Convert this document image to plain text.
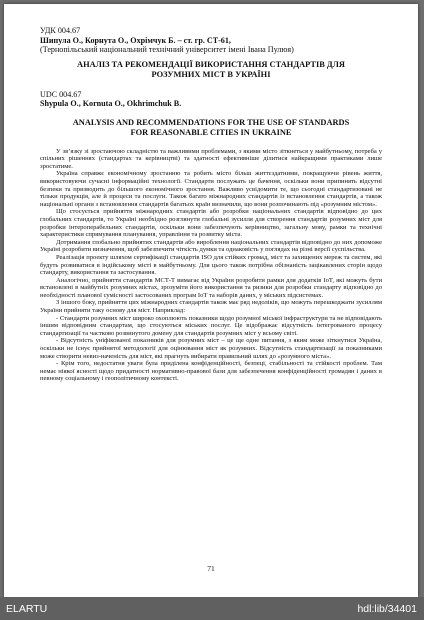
УДК 004.67

Шипула О., Корнута О., Охрімчук Б. – ст. гр. СТ-61,

(Тернопільський національний технічний університет імені Івана Пулюя)

АНАЛІЗ ТА РЕКОМЕНДАЦІЇ ВИКОРИСТАННЯ СТАНДАРТІВ ДЛЯ

РОЗУМНИХ МІСТ В УКРАЇНІ

UDC 004.67

Shypula O., Kornuta O., Okhrimchuk B.

ANALYSIS AND RECOMMENDATIONS FOR THE USE OF STANDARDS

FOR REASONABLE CITIES IN UKRAINE

У зв’язку зі зростаючою складністю та важливими проблемами, з якими місто зіткнеться у майбутньому, потреба у спільних рішеннях (стандартах та керівництві) та здатності ефективніше ділитися найкращими практиками лише зростатиме.

Україна справжє економічному зростанню та робить місто більш життєздатними, покращуючи рівень життя, використовуючи сучасні інформаційні технології. Стандарти послужать це бачення, оскільки вони припинять відсутні безпеки та призводить до більшого економічного зростання. Важливо усвідомити те, що сьогодні стандартизовані не тільки продукція, але й процеси та послуги. Також багато міжнародних стандартів із встановлення стандартів, а також національні органи з встановлення стандартів багатьох країн визначили, що вони розпочинають під «розумним містом».

Що стосується прийняття міжнародних стандартів або розробки національних стандартів відповідно до цих глобальних стандартів, то Україні необхідно розглянути глобальні зусилля для створення стандартів розумних міст для розробки інтероперабельних стандартів, оскільки вони забезпечують керівництво, загальну мову, рамки та технічні характеристики спрямування планування, управління та розвитку міста.

Дотримання глобально прийнятих стандартів або вироблення національних стандартів відповідно до них допоможе Україні розробити визначення, щоб забезпечити чіткість думки та однаковість у поглядах на різні версії суспільства.

Реалізація проекту шляхом сертифікації стандартів ISO для стійких громад, міст та захищених мереж та систем, які будуть розвиватися в індійському місті в майбутньому. Для цього також потрібна обізнаність зацікавлених сторін щодо стандарту, використання та застосування.

Аналогічно, прийняття стандартів МСТ-Т вимагає від України розробити рамки для додатків IoT, які можуть бути встановлені в майбутніх розумних містах, зрозуміти його використання та ризики для розробки стандарту відповідно до необхідності планової сумісності застосованих програм IoT та наборів даних, у міських підсистемах.

З іншого боку, прийняття цих міжнародних стандартів також має ряд недоліків, що можуть перешкоджати зусиллям України прийняти таку основу для міст. Наприклад:

- Стандарти розумних міст широко охоплюють показники щодо розумної міської інфраструктури та не відповідають іншим відповідним стандартам, що стосуються міських послуг. Це відображає відсутність інтегрованого процесу стандартизації та частково розвинутого домену для стандартів розумних міст у всьому світі.

- Відсутність уніфікованої показників для розумних міст – це ще одне питання, з яким може зіткнутися Україна, оскільки не існує прийнятої методології для оцінювання міст як розумних. Відсутність стандартизації за показниками може створити невиз-наченість для міст, які прагнуть вибирати правильний шлях до «розумного міста».

- Крім того, недостатня уваги була приділена конфіденційності, безпеці, стабільності та стійкості проблем. Там немає ніякої ясності щодо придатності нормативно-правової бази для забезпечення конфіденційності громадян і даних в певному соціальному і геополітичному контексті.

71
ELARTU	hdl:lib/34401
